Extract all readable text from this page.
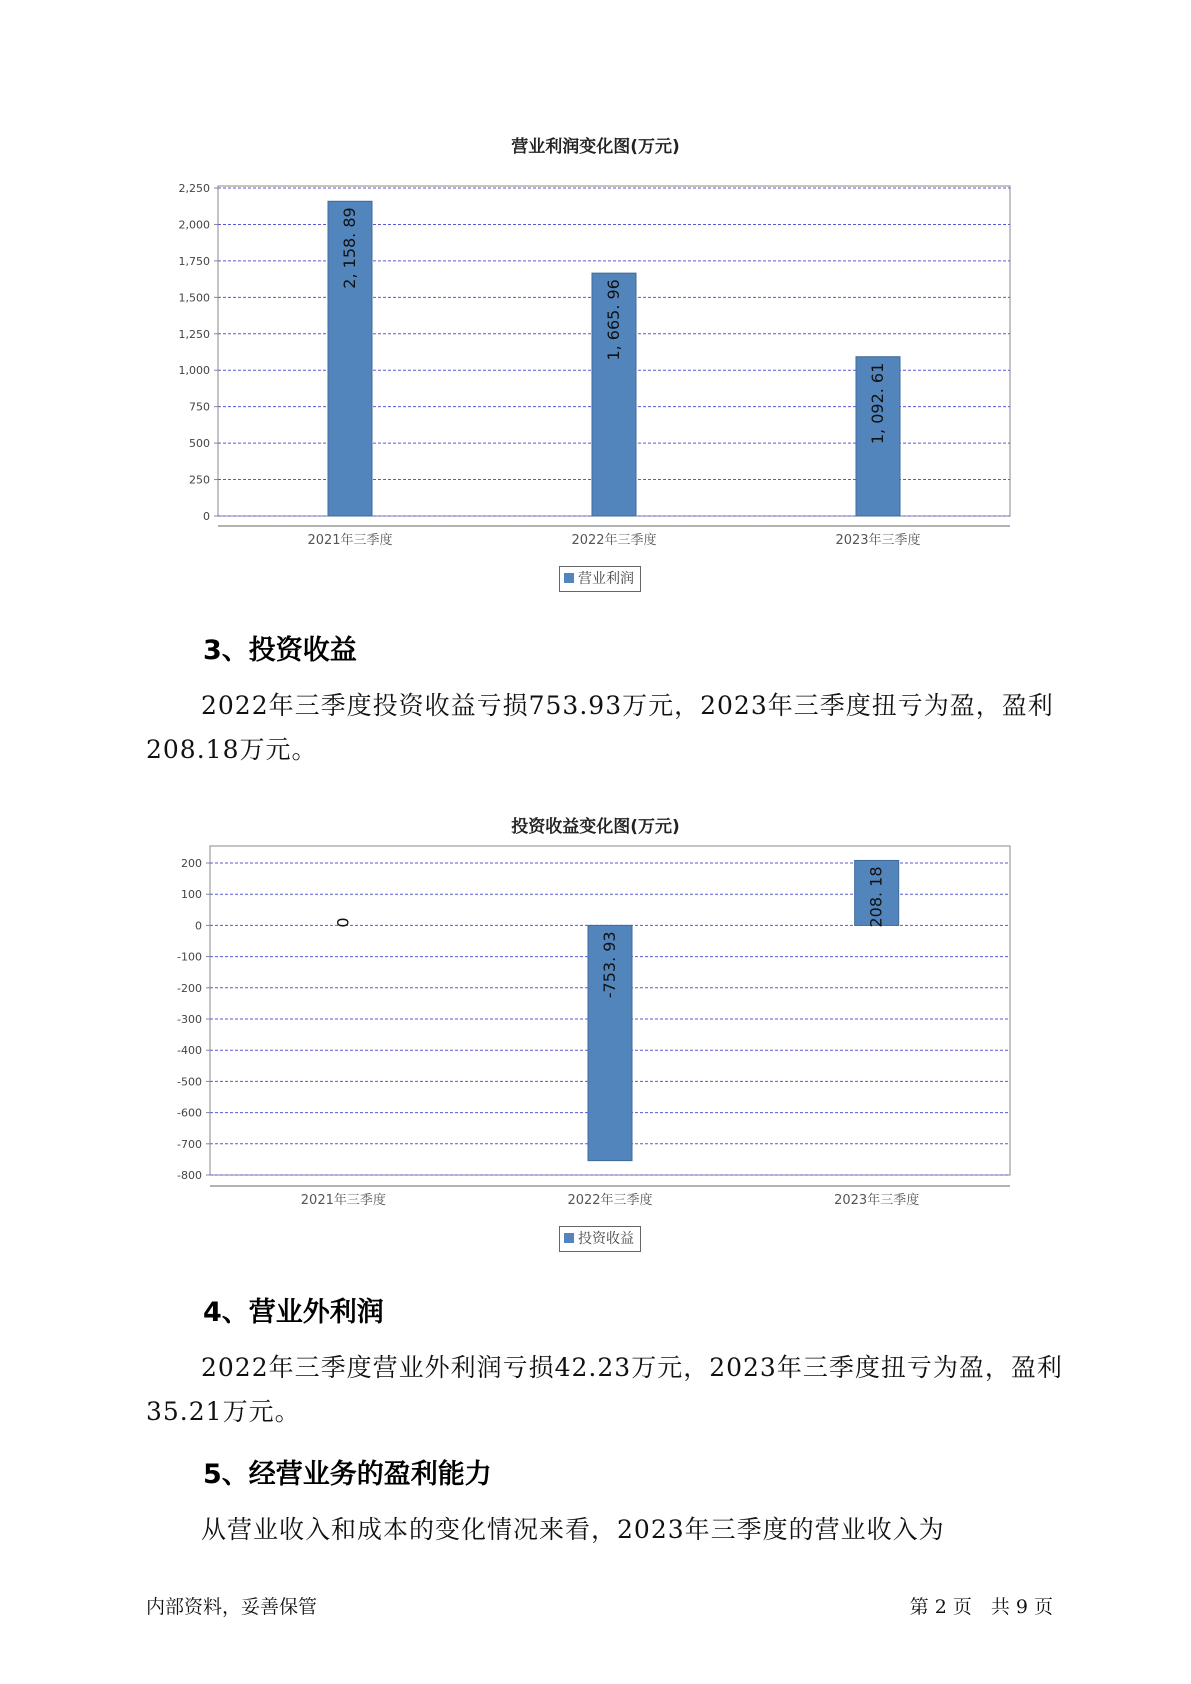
营业利润变化图(万元)
0
250
500
750
1,000
1,250
1,500
1,750
2,000
2,250
2, 158. 89
2021年三季度
1, 665. 96
2022年三季度
1, 092. 61
2023年三季度
营业利润
3、投资收益
2022年三季度投资收益亏损753.93万元，2023年三季度扭亏为盈，盈利208.18万元。
投资收益变化图(万元)
-800
-700
-600
-500
-400
-300
-200
-100
0
100
200
0
2021年三季度
-753. 93
2022年三季度
208. 18
2023年三季度
投资收益
4、营业外利润
2022年三季度营业外利润亏损42.23万元，2023年三季度扭亏为盈，盈利35.21万元。
5、经营业务的盈利能力
从营业收入和成本的变化情况来看，2023年三季度的营业收入为
内部资料，妥善保管	第 2 页　共 9 页
